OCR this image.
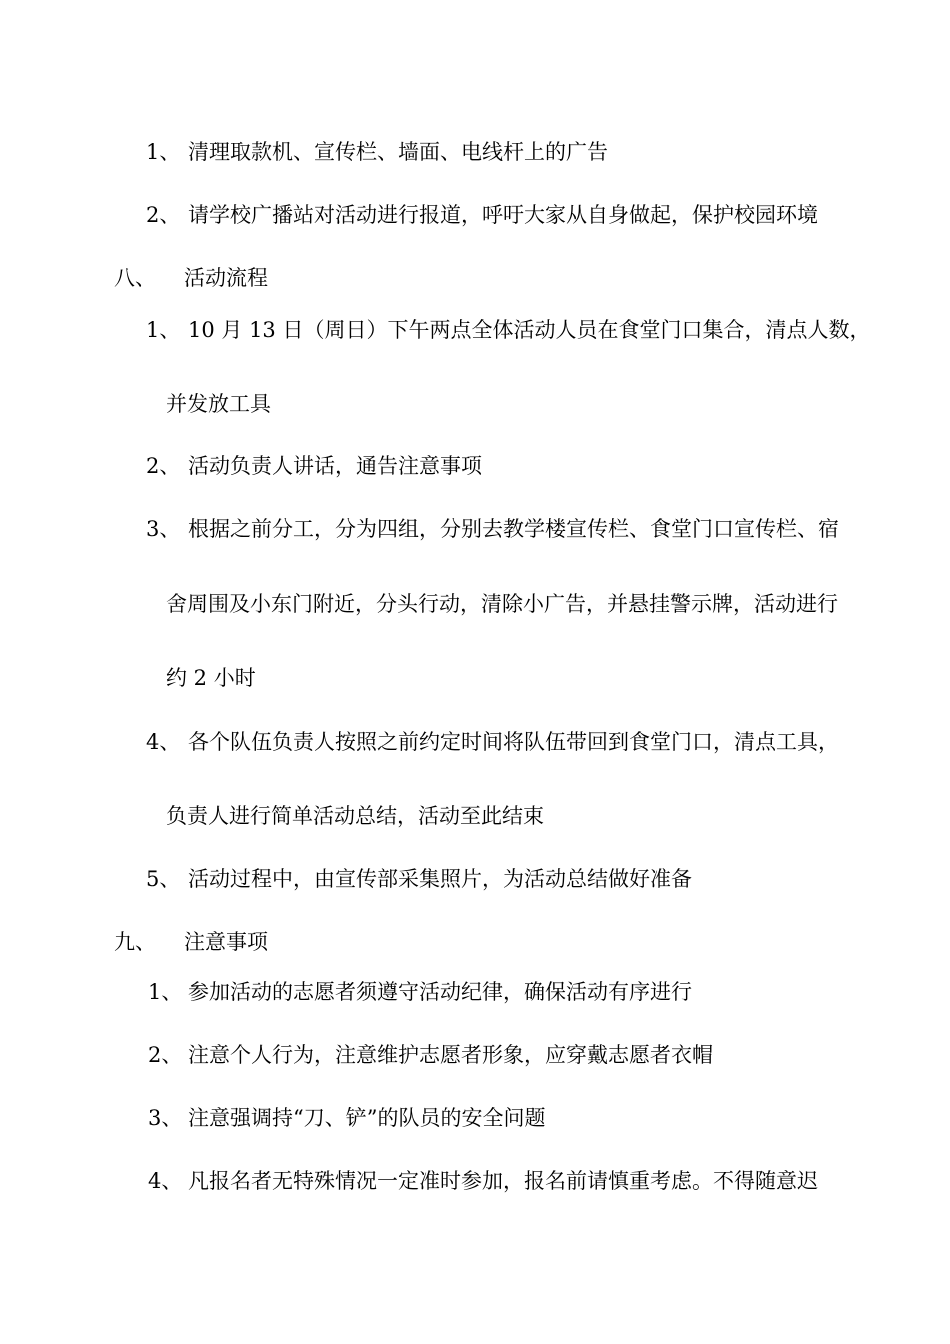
1、 清理取款机、宣传栏、墙面、电线杆上的广告
2、 请学校广播站对活动进行报道，呼吁大家从自身做起，保护校园环境
八、 活动流程
1、 10 月 13 日（周日）下午两点全体活动人员在食堂门口集合，清点人数，
并发放工具
2、 活动负责人讲话，通告注意事项
3、 根据之前分工，分为四组，分别去教学楼宣传栏、食堂门口宣传栏、宿
舍周围及小东门附近，分头行动，清除小广告，并悬挂警示牌，活动进行
约 2 小时
4、 各个队伍负责人按照之前约定时间将队伍带回到食堂门口，清点工具，
负责人进行简单活动总结，活动至此结束
5、 活动过程中，由宣传部采集照片，为活动总结做好准备
九、 注意事项
1、 参加活动的志愿者须遵守活动纪律，确保活动有序进行
2、 注意个人行为，注意维护志愿者形象，应穿戴志愿者衣帽
3、 注意强调持“刀、铲”的队员的安全问题
4、 凡报名者无特殊情况一定准时参加，报名前请慎重考虑。不得随意迟
